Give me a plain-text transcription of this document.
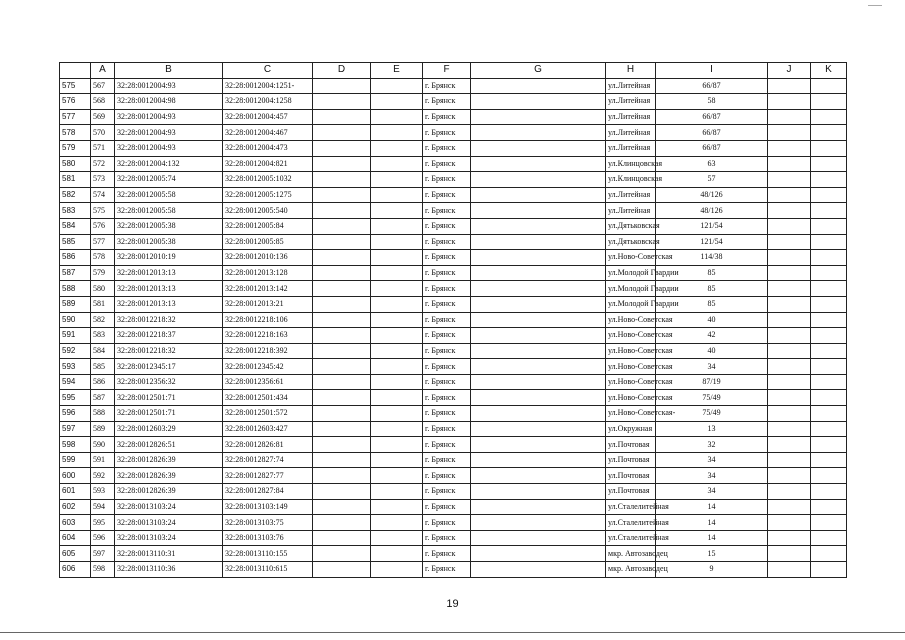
	A	B	C	D	E	F	G	H	I	J	K	
575	567	32:28:0012004:93	32:28:0012004:1251-			г. Брянск		ул.Литейная	66/87			
576	568	32:28:0012004:98	32:28:0012004:1258			г. Брянск		ул.Литейная	58			
577	569	32:28:0012004:93	32:28:0012004:457			г. Брянск		ул.Литейная	66/87			
578	570	32:28:0012004:93	32:28:0012004:467			г. Брянск		ул.Литейная	66/87			
579	571	32:28:0012004:93	32:28:0012004:473			г. Брянск		ул.Литейная	66/87			
580	572	32:28:0012004:132	32:28:0012004:821			г. Брянск		ул.Клинцовская	63			
581	573	32:28:0012005:74	32:28:0012005:1032			г. Брянск		ул.Клинцовская	57			
582	574	32:28:0012005:58	32:28:0012005:1275			г. Брянск		ул.Литейная	48/126			
583	575	32:28:0012005:58	32:28:0012005:540			г. Брянск		ул.Литейная	48/126			
584	576	32:28:0012005:38	32:28:0012005:84			г. Брянск		ул.Дятьковская	121/54			
585	577	32:28:0012005:38	32:28:0012005:85			г. Брянск		ул.Дятьковская	121/54			
586	578	32:28:0012010:19	32:28:0012010:136			г. Брянск		ул.Ново-Советская	114/38			
587	579	32:28:0012013:13	32:28:0012013:128			г. Брянск		ул.Молодой Гвардии	85			
588	580	32:28:0012013:13	32:28:0012013:142			г. Брянск		ул.Молодой Гвардии	85			
589	581	32:28:0012013:13	32:28:0012013:21			г. Брянск		ул.Молодой Гвардии	85			
590	582	32:28:0012218:32	32:28:0012218:106			г. Брянск		ул.Ново-Советская	40			
591	583	32:28:0012218:37	32:28:0012218:163			г. Брянск		ул.Ново-Советская	42			
592	584	32:28:0012218:32	32:28:0012218:392			г. Брянск		ул.Ново-Советская	40			
593	585	32:28:0012345:17	32:28:0012345:42			г. Брянск		ул.Ново-Советская	34			
594	586	32:28:0012356:32	32:28:0012356:61			г. Брянск		ул.Ново-Советская	87/19			
595	587	32:28:0012501:71	32:28:0012501:434			г. Брянск		ул.Ново-Советская	75/49			
596	588	32:28:0012501:71	32:28:0012501:572			г. Брянск		ул.Ново-Советская-	75/49			
597	589	32:28:0012603:29	32:28:0012603:427			г. Брянск		ул.Окружная	13			
598	590	32:28:0012826:51	32:28:0012826:81			г. Брянск		ул.Почтовая	32			
599	591	32:28:0012826:39	32:28:0012827:74			г. Брянск		ул.Почтовая	34			
600	592	32:28:0012826:39	32:28:0012827:77			г. Брянск		ул.Почтовая	34			
601	593	32:28:0012826:39	32:28:0012827:84			г. Брянск		ул.Почтовая	34			
602	594	32:28:0013103:24	32:28:0013103:149			г. Брянск		ул.Сталелитейная	14			
603	595	32:28:0013103:24	32:28:0013103:75			г. Брянск		ул.Сталелитейная	14			
604	596	32:28:0013103:24	32:28:0013103:76			г. Брянск		ул.Сталелитейная	14			
605	597	32:28:0013110:31	32:28:0013110:155			г. Брянск		мкр. Автозаводец	15			
606	598	32:28:0013110:36	32:28:0013110:615			г. Брянск		мкр. Автозаводец	9			
19
